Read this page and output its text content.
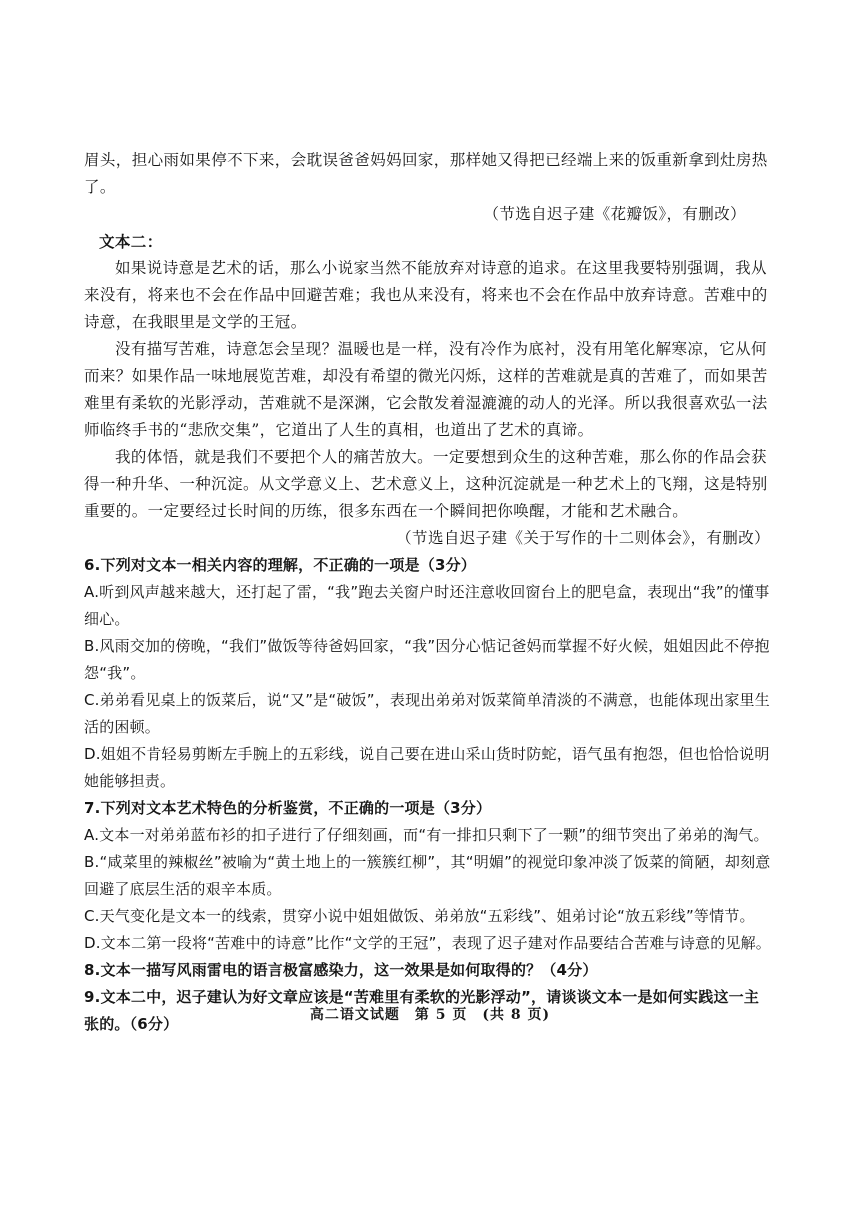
眉头，担心雨如果停不下来，会耽误爸爸妈妈回家，那样她又得把已经端上来的饭重新拿到灶房热了。

（节选自迟子建《花瓣饭》，有删改）

文本二：

如果说诗意是艺术的话，那么小说家当然不能放弃对诗意的追求。在这里我要特别强调，我从来没有，将来也不会在作品中回避苦难；我也从来没有，将来也不会在作品中放弃诗意。苦难中的诗意，在我眼里是文学的王冠。

没有描写苦难，诗意怎会呈现？温暖也是一样，没有冷作为底衬，没有用笔化解寒凉，它从何而来？如果作品一味地展览苦难，却没有希望的微光闪烁，这样的苦难就是真的苦难了，而如果苦难里有柔软的光影浮动，苦难就不是深渊，它会散发着湿漉漉的动人的光泽。所以我很喜欢弘一法师临终手书的“悲欣交集”，它道出了人生的真相，也道出了艺术的真谛。

我的体悟，就是我们不要把个人的痛苦放大。一定要想到众生的这种苦难，那么你的作品会获得一种升华、一种沉淀。从文学意义上、艺术意义上，这种沉淀就是一种艺术上的飞翔，这是特别重要的。一定要经过长时间的历练，很多东西在一个瞬间把你唤醒，才能和艺术融合。

（节选自迟子建《关于写作的十二则体会》，有删改）

6.下列对文本一相关内容的理解，不正确的一项是（3分）

A.听到风声越来越大，还打起了雷，“我”跑去关窗户时还注意收回窗台上的肥皂盒，表现出“我”的懂事细心。

B.风雨交加的傍晚，“我们”做饭等待爸妈回家，“我”因分心惦记爸妈而掌握不好火候，姐姐因此不停抱怨“我”。

C.弟弟看见桌上的饭菜后，说“又”是“破饭”，表现出弟弟对饭菜简单清淡的不满意，也能体现出家里生活的困顿。

D.姐姐不肯轻易剪断左手腕上的五彩线，说自己要在进山采山货时防蛇，语气虽有抱怨，但也恰恰说明她能够担责。

7.下列对文本艺术特色的分析鉴赏，不正确的一项是（3分）

A.文本一对弟弟蓝布衫的扣子进行了仔细刻画，而“有一排扣只剩下了一颗”的细节突出了弟弟的淘气。

B.“咸菜里的辣椒丝”被喻为“黄土地上的一簇簇红柳”，其“明媚”的视觉印象冲淡了饭菜的简陋，却刻意回避了底层生活的艰辛本质。

C.天气变化是文本一的线索，贯穿小说中姐姐做饭、弟弟放“五彩线”、姐弟讨论“放五彩线”等情节。

D.文本二第一段将“苦难中的诗意”比作“文学的王冠”，表现了迟子建对作品要结合苦难与诗意的见解。

8.文本一描写风雨雷电的语言极富感染力，这一效果是如何取得的？（4分）

9.文本二中，迟子建认为好文章应该是“苦难里有柔软的光影浮动”，请谈谈文本一是如何实践这一主张的。（6分）	高二语文试题　第 5 页　(共 8 页)
